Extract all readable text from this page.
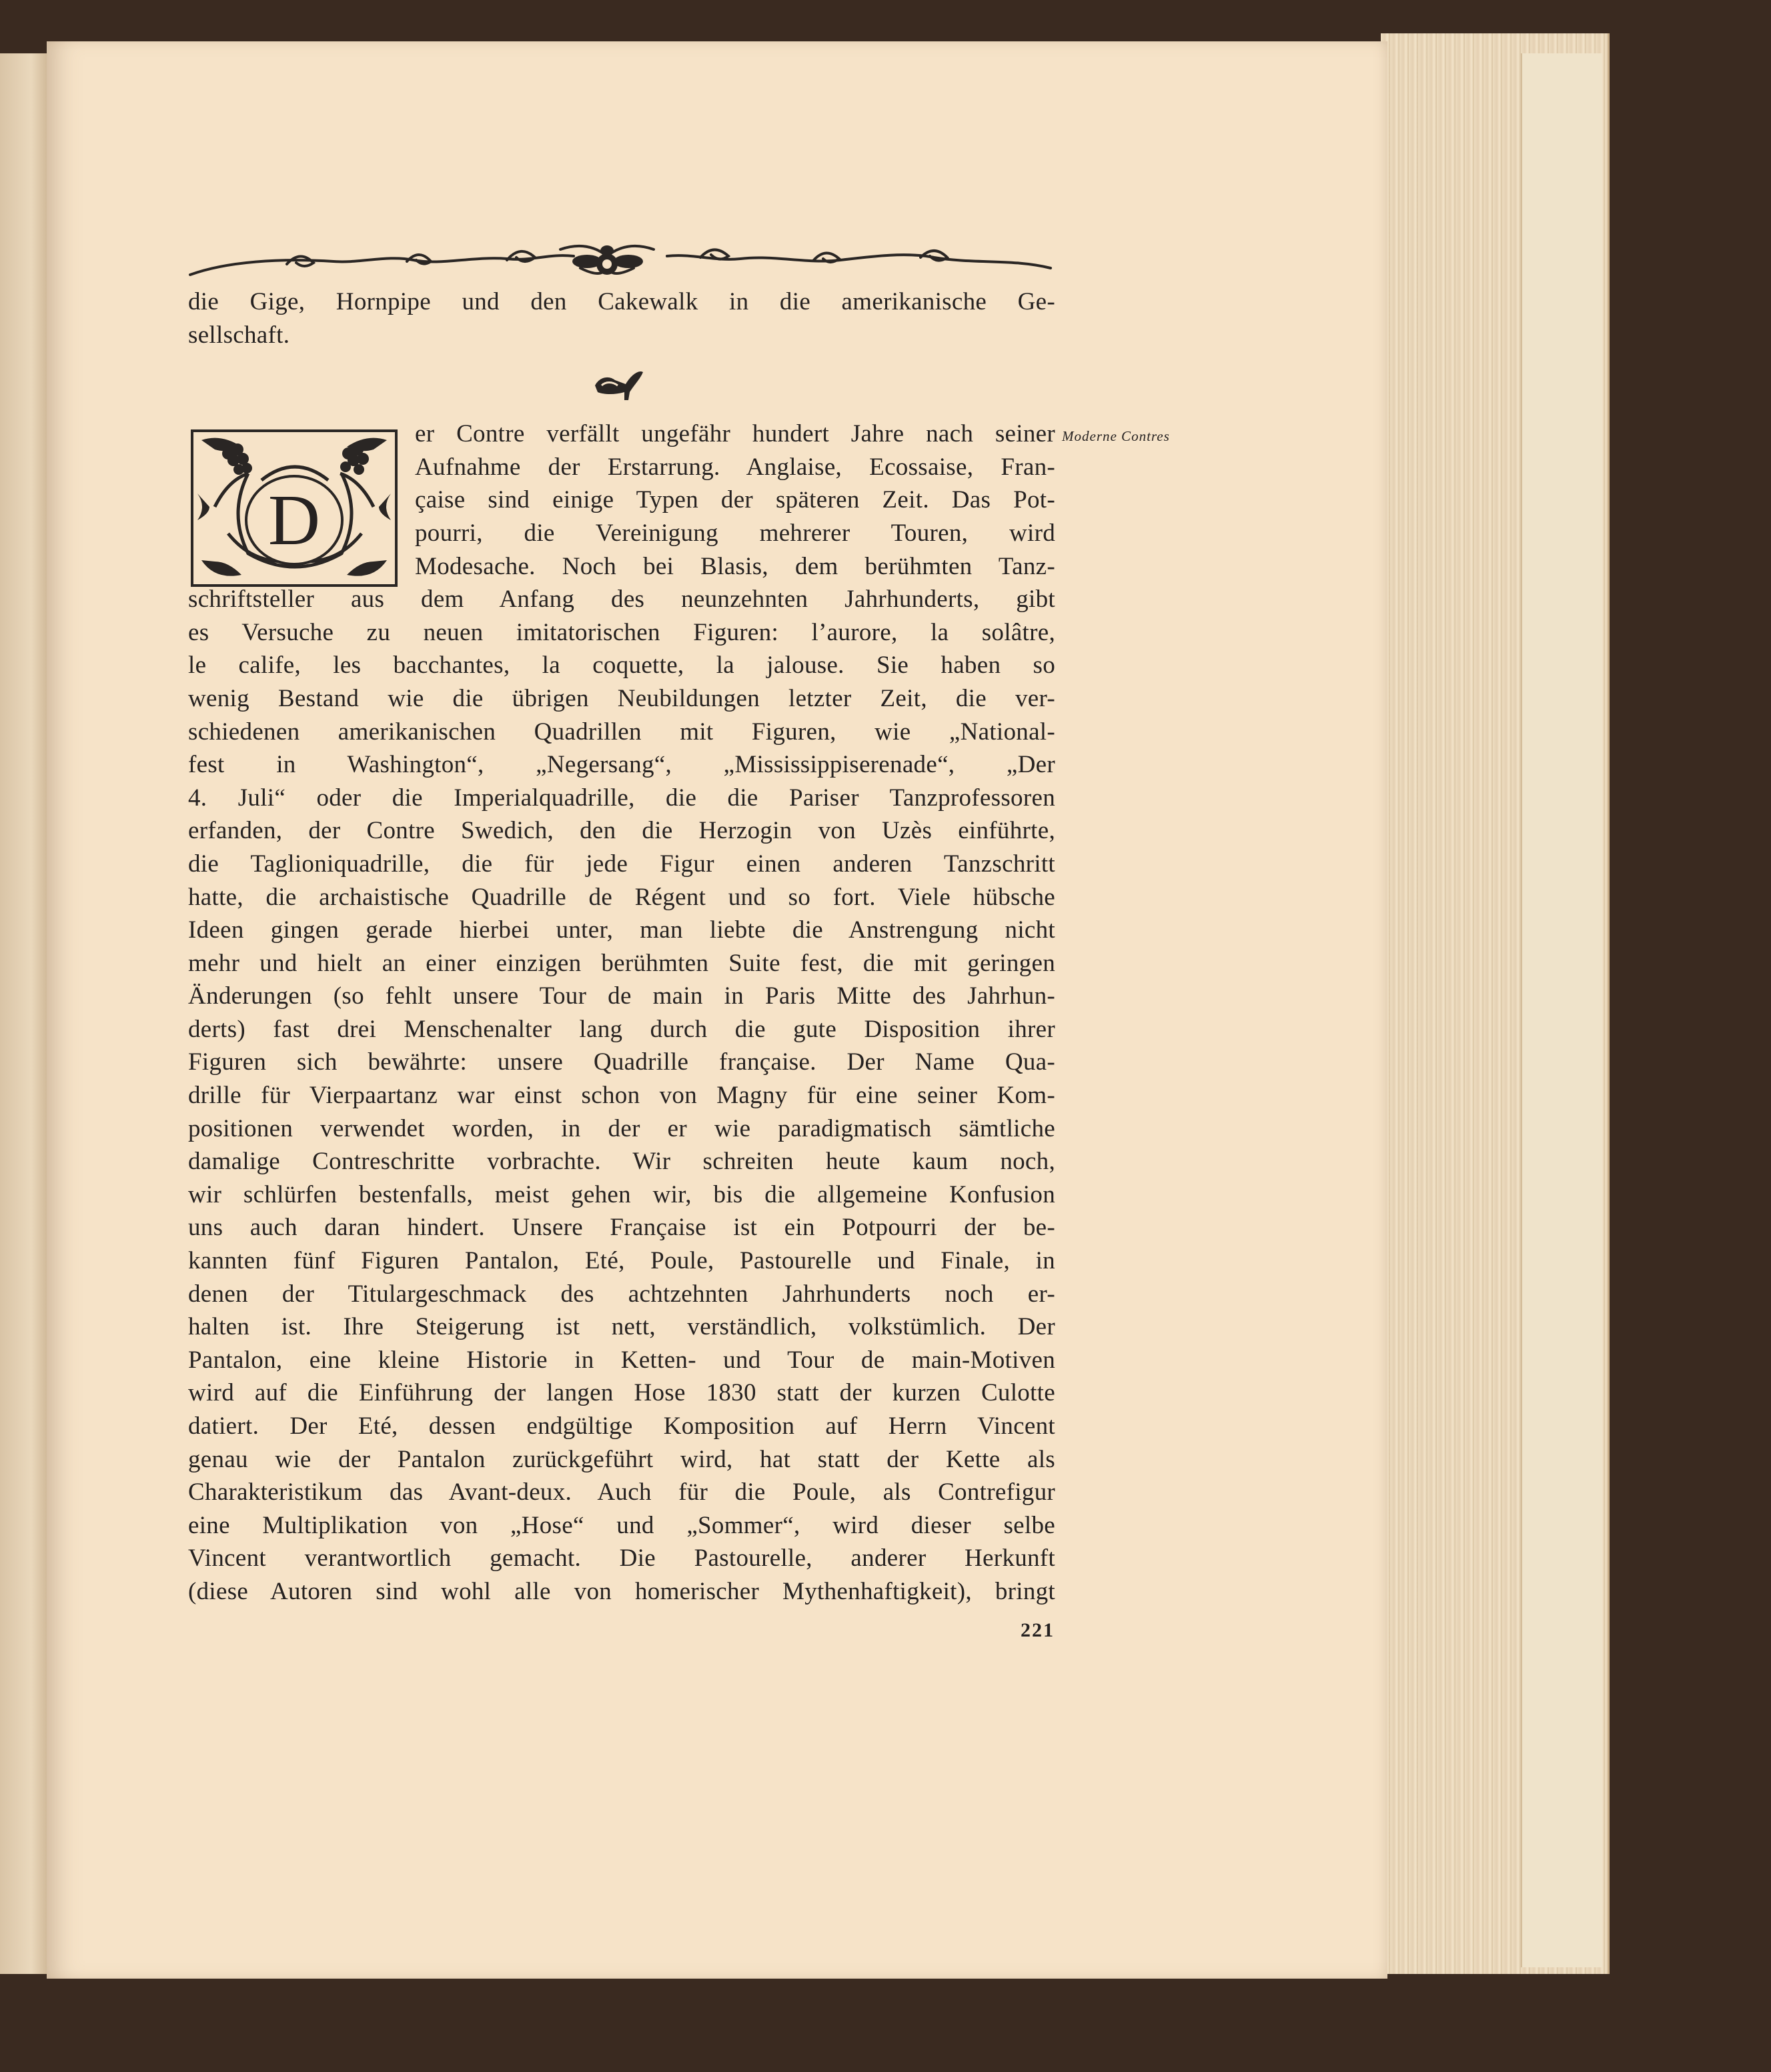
die Gige, Hornpipe und den Cakewalk in die amerikanische Ge-
sellschaft.
er Contre verfällt ungefähr hundert Jahre nach seiner
Aufnahme der Erstarrung. Anglaise, Ecossaise, Fran-
çaise sind einige Typen der späteren Zeit. Das Pot-
pourri, die Vereinigung mehrerer Touren, wird
Modesache. Noch bei Blasis, dem berühmten Tanz-
schriftsteller aus dem Anfang des neunzehnten Jahrhunderts, gibt
es Versuche zu neuen imitatorischen Figuren: l’aurore, la solâtre,
le calife, les bacchantes, la coquette, la jalouse. Sie haben so
wenig Bestand wie die übrigen Neubildungen letzter Zeit, die ver-
schiedenen amerikanischen Quadrillen mit Figuren, wie „National-
fest in Washington“, „Negersang“, „Mississippiserenade“, „Der
4. Juli“ oder die Imperialquadrille, die die Pariser Tanzprofessoren
erfanden, der Contre Swedich, den die Herzogin von Uzès einführte,
die Taglioniquadrille, die für jede Figur einen anderen Tanzschritt
hatte, die archaistische Quadrille de Régent und so fort. Viele hübsche
Ideen gingen gerade hierbei unter, man liebte die Anstrengung nicht
mehr und hielt an einer einzigen berühmten Suite fest, die mit geringen
Änderungen (so fehlt unsere Tour de main in Paris Mitte des Jahrhun-
derts) fast drei Menschenalter lang durch die gute Disposition ihrer
Figuren sich bewährte: unsere Quadrille française. Der Name Qua-
drille für Vierpaartanz war einst schon von Magny für eine seiner Kom-
positionen verwendet worden, in der er wie paradigmatisch sämtliche
damalige Contreschritte vorbrachte. Wir schreiten heute kaum noch,
wir schlürfen bestenfalls, meist gehen wir, bis die allgemeine Konfusion
uns auch daran hindert. Unsere Française ist ein Potpourri der be-
kannten fünf Figuren Pantalon, Eté, Poule, Pastourelle und Finale, in
denen der Titulargeschmack des achtzehnten Jahrhunderts noch er-
halten ist. Ihre Steigerung ist nett, verständlich, volkstümlich. Der
Pantalon, eine kleine Historie in Ketten- und Tour de main-Motiven
wird auf die Einführung der langen Hose 1830 statt der kurzen Culotte
datiert. Der Eté, dessen endgültige Komposition auf Herrn Vincent
genau wie der Pantalon zurückgeführt wird, hat statt der Kette als
Charakteristikum das Avant-deux. Auch für die Poule, als Contrefigur
eine Multiplikation von „Hose“ und „Sommer“, wird dieser selbe
Vincent verantwortlich gemacht. Die Pastourelle, anderer Herkunft
(diese Autoren sind wohl alle von homerischer Mythenhaftigkeit), bringt
D
Moderne Contres
221
